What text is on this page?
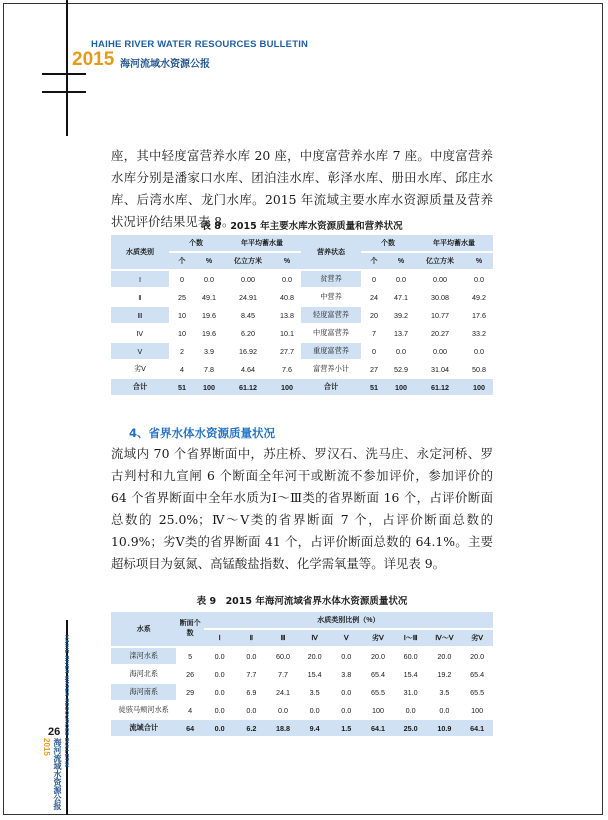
HAIHE RIVER WATER RESOURCES BULLETIN
2015 海河流域水资源公报
座，其中轻度富营养水库 20 座，中度富营养水库 7 座。中度富营养水库分别是潘家口水库、团泊洼水库、彰泽水库、册田水库、邱庄水库、后湾水库、龙门水库。2015 年流域主要水库水资源质量及营养状况评价结果见表 8。
表 8　2015 年主要水库水资源质量和营养状况
水质类别	个数		年平均蓄水量		营养状态	个数		年平均蓄水量	
	个	%	亿立方米	%		个	%	亿立方米	%
Ⅰ	0	0.0	0.00	0.0	贫营养	0	0.0	0.00	0.0
Ⅱ	25	49.1	24.91	40.8	中营养	24	47.1	30.08	49.2
Ⅲ	10	19.6	8.45	13.8	轻度富营养	20	39.2	10.77	17.6
Ⅳ	10	19.6	6.20	10.1	中度富营养	7	13.7	20.27	33.2
Ⅴ	2	3.9	16.92	27.7	重度富营养	0	0.0	0.00	0.0
劣Ⅴ	4	7.8	4.64	7.6	富营养小计	27	52.9	31.04	50.8
合计	51	100	61.12	100	合计	51	100	61.12	100
4、省界水体水资源质量状况
流域内 70 个省界断面中，苏庄桥、罗汉石、洗马庄、永定河桥、罗古判村和九宣闸 6 个断面全年河干或断流不参加评价，参加评价的 64 个省界断面中全年水质为Ⅰ～Ⅲ类的省界断面 16 个，占评价断面总数的 25.0%；Ⅳ～Ⅴ类的省界断面 7 个，占评价断面总数的 10.9%；劣Ⅴ类的省界断面 41 个，占评价断面总数的 64.1%。主要超标项目为氨氮、高锰酸盐指数、化学需氧量等。详见表 9。
表 9　2015 年海河流域省界水体水资源质量状况
水系	断面个数	水质类别比例（%）								
		Ⅰ	Ⅱ	Ⅲ	Ⅳ	Ⅴ	劣Ⅴ	Ⅰ～Ⅲ	Ⅳ～Ⅴ	劣Ⅴ
滦河水系	5	0.0	0.0	60.0	20.0	0.0	20.0	60.0	20.0	20.0
海河北系	26	0.0	7.7	7.7	15.4	3.8	65.4	15.4	19.2	65.4
海河南系	29	0.0	6.9	24.1	3.5	0.0	65.5	31.0	3.5	65.5
徒骇马颊河水系	4	0.0	0.0	0.0	0.0	0.0	100	0.0	0.0	100
流域合计	64	0.0	6.2	18.8	9.4	1.5	64.1	25.0	10.9	64.1
HAIHE RIVER WATER RESOURCES BULLETIN
26
2015 海河流域水资源公报
